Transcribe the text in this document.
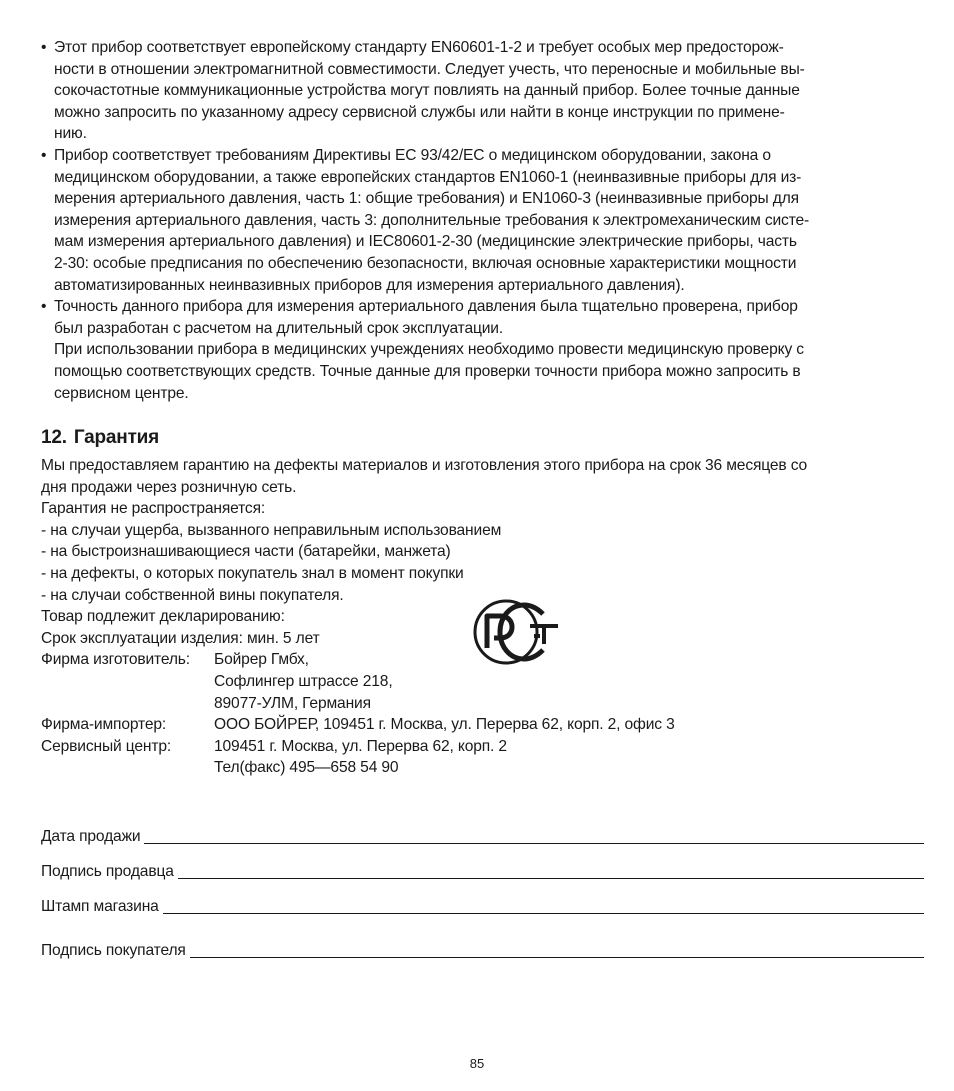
• Этот прибор соответствует европейскому стандарту EN60601-1-2 и требует особых мер предосторож-
ности в отношении электромагнитной совместимости. Следует учесть, что переносные и мобильные вы-
сокочастотные коммуникационные устройства могут повлиять на данный прибор. Более точные данные
можно запросить по указанному адресу сервисной службы или найти в конце инструкции по примене-
нию.
• Прибор соответствует требованиям Директивы ЕС 93/42/ЕС о медицинском оборудовании, закона о
медицинском оборудовании, а также европейских стандартов EN1060-1 (неинвазивные приборы для из-
мерения артериального давления, часть 1: общие требования) и EN1060-3 (неинвазивные приборы для
измерения артериального давления, часть 3: дополнительные требования к электромеханическим систе-
мам измерения артериального давления) и IEC80601-2-30 (медицинские электрические приборы, часть
2-30: особые предписания по обеспечению безопасности, включая основные характеристики мощности
автоматизированных неинвазивных приборов для измерения артериального давления).
• Точность данного прибора для измерения артериального давления была тщательно проверена, прибор
был разработан с расчетом на длительный срок эксплуатации.
При использовании прибора в медицинских учреждениях необходимо провести медицинскую проверку с
помощью соответствующих средств. Точные данные для проверки точности прибора можно запросить в
сервисном центре.
12. Гарантия

Мы предоставляем гарантию на дефекты материалов и изготовления этого прибора на срок 36 месяцев со
дня продажи через розничную сеть.

Гарантия не распространяется:

- на случаи ущерба, вызванного неправильным использованием

- на быстроизнашивающиеся части (батарейки, манжета)

- на дефекты, о которых покупатель знал в момент покупки

- на случаи собственной вины покупателя.

Товар подлежит декларированию:

Срок эксплуатации изделия: мин. 5 лет

Фирма изготовитель:	Бойрер Гмбх,
Софлингер штрассе 218,
89077-УЛМ, Германия
Фирма-импортер:	ООО БОЙРЕР, 109451 г. Москва, ул. Перерва 62, корп. 2, офис 3
Сервисный центр:	109451 г. Москва, ул. Перерва 62, корп. 2
Тел(факс) 495—658 54 90
Дата продажи
Подпись продавца
Штамп магазина
Подпись покупателя
85
